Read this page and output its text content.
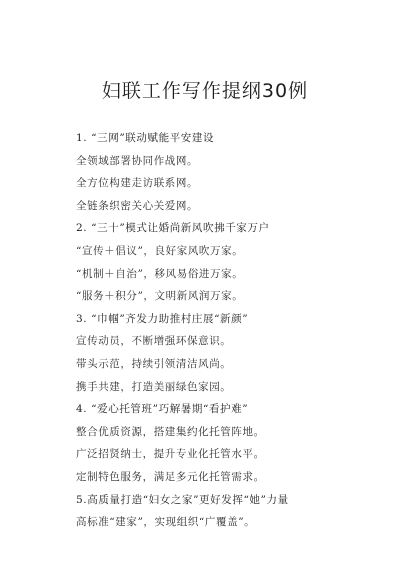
妇联工作写作提纲30例
1. “三网”联动赋能平安建设
全领域部署协同作战网。
全方位构建走访联系网。
全链条织密关心关爱网。
2. “三十”模式让婚尚新风吹拂千家万户
“宣传＋倡议”，良好家风吹万家。
“机制＋自治”，移风易俗进万家。
“服务＋积分”，文明新风润万家。
3. “巾帼”齐发力助推村庄展“新颜”
宣传动员，不断增强环保意识。
带头示范，持续引领清洁风尚。
携手共建，打造美丽绿色家园。
4. “爱心托管班”巧解暑期“看护难”
整合优质资源，搭建集约化托管阵地。
广泛招贤纳士，提升专业化托管水平。
定制特色服务，满足多元化托管需求。
5.高质量打造“妇女之家”更好发挥“她”力量
高标准“建家”，实现组织“广覆盖”。
